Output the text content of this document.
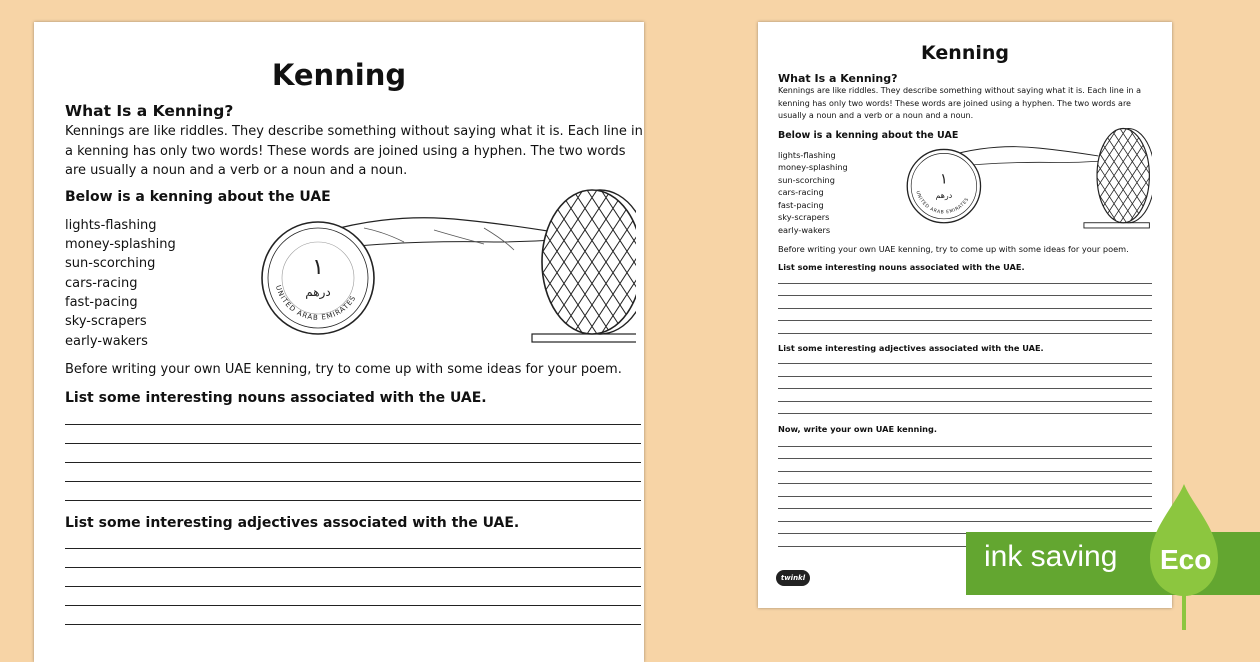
Kenning
What Is a Kenning?
Kennings are like riddles. They describe something without saying what it is. Each line in a kenning has only two words! These words are joined using a hyphen. The two words are usually a noun and a verb or a noun and a noun.
Below is a kenning about the UAE
lights-flashing
money-splashing
sun-scorching
cars-racing
fast-pacing
sky-scrapers
early-wakers
UNITED ARAB EMIRATES
١
درهم
Before writing your own UAE kenning, try to come up with some ideas for your poem.
List some interesting nouns associated with the UAE.
List some interesting adjectives associated with the UAE.
Kenning
What Is a Kenning?
Kennings are like riddles. They describe something without saying what it is. Each line in a kenning has only two words! These words are joined using a hyphen. The two words are usually a noun and a verb or a noun and a noun.
Below is a kenning about the UAE
lights-flashing
money-splashing
sun-scorching
cars-racing
fast-pacing
sky-scrapers
early-wakers
UNITED ARAB EMIRATES
١
درهم
Before writing your own UAE kenning, try to come up with some ideas for your poem.
List some interesting nouns associated with the UAE.
List some interesting adjectives associated with the UAE.
Now, write your own UAE kenning.
twinkl
ink saving Eco
